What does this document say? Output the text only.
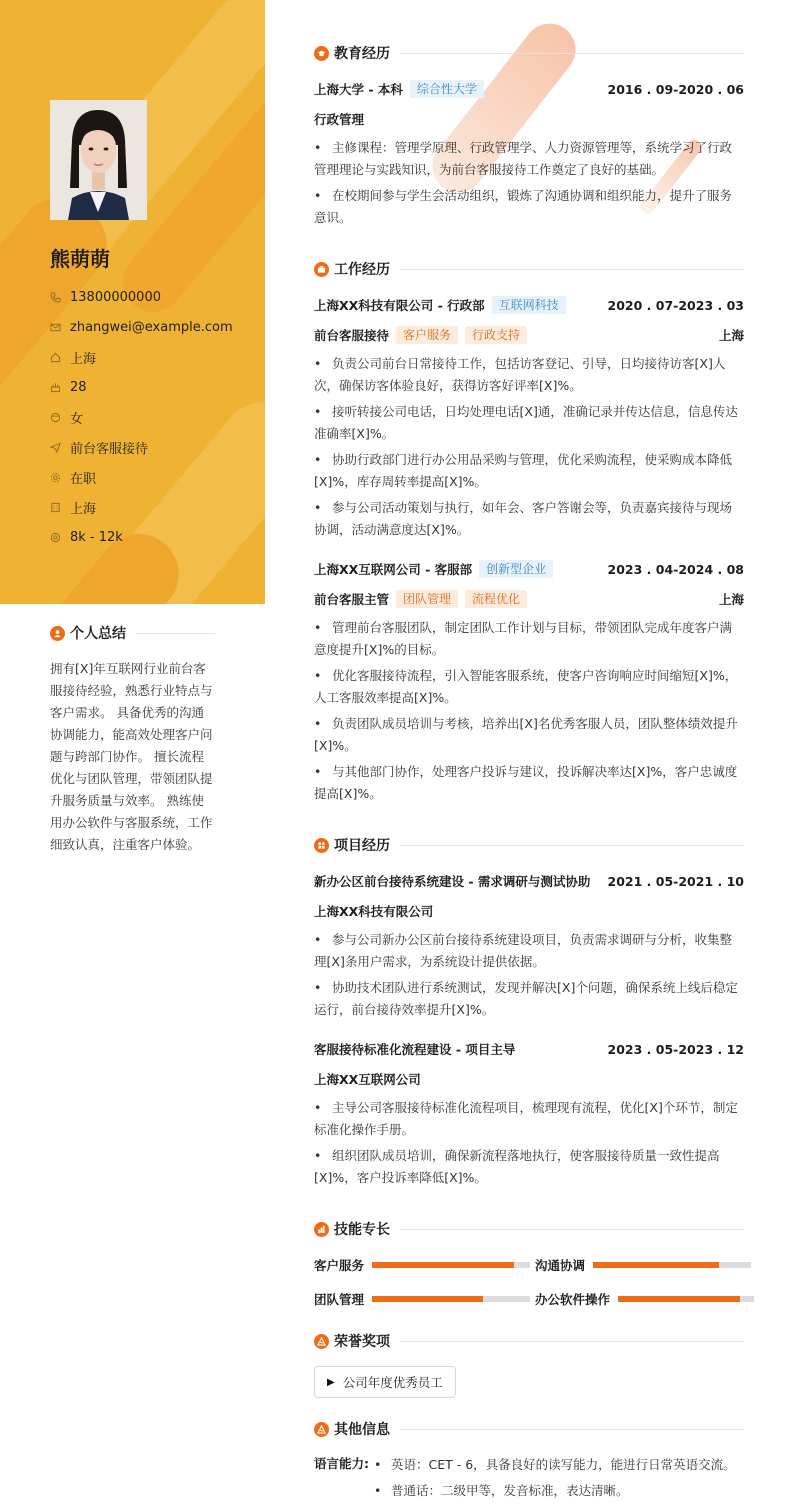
熊萌萌
13800000000
zhangwei@example.com
上海
28
女
前台客服接待
在职
上海
8k - 12k
个人总结

拥有[X]年互联网行业前台客服接待经验，熟悉行业特点与客户需求。 具备优秀的沟通协调能力，能高效处理客户问题与跨部门协作。 擅长流程优化与团队管理，带领团队提升服务质量与效率。 熟练使用办公软件与客服系统，工作细致认真，注重客户体验。

教育经历
上海大学 - 本科	综合性大学	2016 . 09-2020 . 06
行政管理
• 主修课程：管理学原理、行政管理学、人力资源管理等，系统学习了行政管理理论与实践知识，为前台客服接待工作奠定了良好的基础。
• 在校期间参与学生会活动组织，锻炼了沟通协调和组织能力，提升了服务意识。
工作经历
上海XX科技有限公司 - 行政部	互联网科技	2020 . 07-2023 . 03
前台客服接待	客户服务	行政支持	上海
• 负责公司前台日常接待工作，包括访客登记、引导，日均接待访客[X]人次，确保访客体验良好，获得访客好评率[X]%。
• 接听转接公司电话，日均处理电话[X]通，准确记录并传达信息，信息传达准确率[X]%。
• 协助行政部门进行办公用品采购与管理，优化采购流程，使采购成本降低[X]%，库存周转率提高[X]%。
• 参与公司活动策划与执行，如年会、客户答谢会等，负责嘉宾接待与现场协调，活动满意度达[X]%。
上海XX互联网公司 - 客服部	创新型企业	2023 . 04-2024 . 08
前台客服主管	团队管理	流程优化	上海
• 管理前台客服团队，制定团队工作计划与目标，带领团队完成年度客户满意度提升[X]%的目标。
• 优化客服接待流程，引入智能客服系统，使客户咨询响应时间缩短[X]%，人工客服效率提高[X]%。
• 负责团队成员培训与考核，培养出[X]名优秀客服人员，团队整体绩效提升[X]%。
• 与其他部门协作，处理客户投诉与建议，投诉解决率达[X]%，客户忠诚度提高[X]%。
项目经历
新办公区前台接待系统建设 - 需求调研与测试协助 2021 . 05-2021 . 10
上海XX科技有限公司
• 参与公司新办公区前台接待系统建设项目，负责需求调研与分析，收集整理[X]条用户需求，为系统设计提供依据。
• 协助技术团队进行系统测试，发现并解决[X]个问题，确保系统上线后稳定运行，前台接待效率提升[X]%。
客服接待标准化流程建设 - 项目主导	2023 . 05-2023 . 12
上海XX互联网公司
• 主导公司客服接待标准化流程项目，梳理现有流程，优化[X]个环节，制定标准化操作手册。
• 组织团队成员培训，确保新流程落地执行，使客服接待质量一致性提高[X]%，客户投诉率降低[X]%。
技能专长
客户服务	沟通协调
团队管理	办公软件操作
荣誉奖项
▶ 公司年度优秀员工
其他信息
语言能力:
•	英语：CET - 6，具备良好的读写能力，能进行日常英语交流。
• 普通话：二级甲等，发音标准，表达清晰。
